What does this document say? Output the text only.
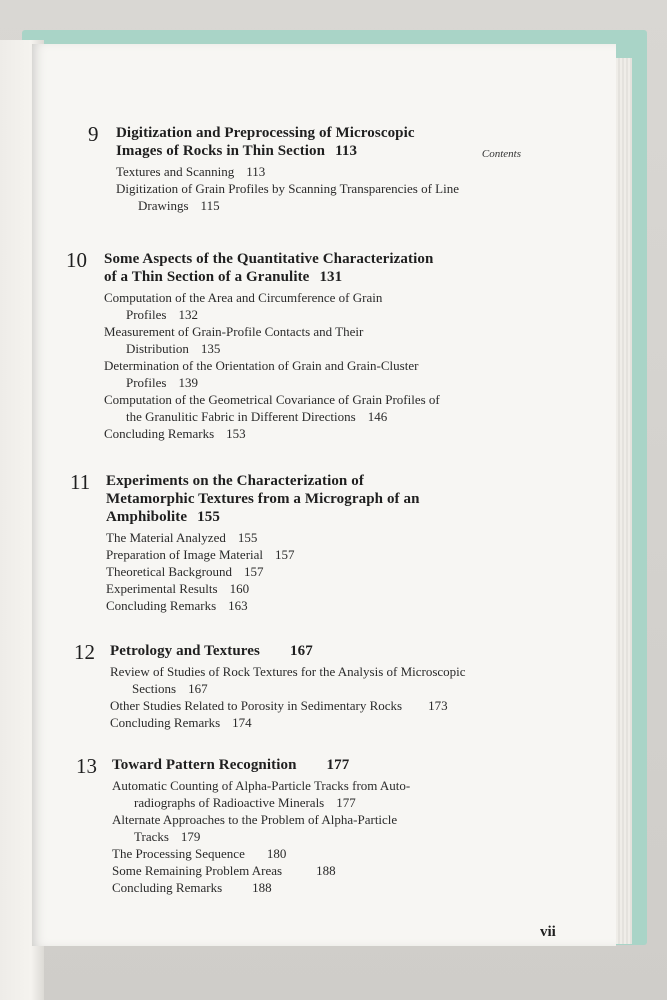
Contents
9 Digitization and Preprocessing of Microscopic
Images of Rocks in Thin Section 113
Textures and Scanning 113
Digitization of Grain Profiles by Scanning Transparencies of Line
Drawings 115
10 Some Aspects of the Quantitative Characterization
of a Thin Section of a Granulite 131
Computation of the Area and Circumference of Grain
Profiles 132
Measurement of Grain-Profile Contacts and Their
Distribution 135
Determination of the Orientation of Grain and Grain-Cluster
Profiles 139
Computation of the Geometrical Covariance of Grain Profiles of
the Granulitic Fabric in Different Directions 146
Concluding Remarks 153
11 Experiments on the Characterization of
Metamorphic Textures from a Micrograph of an
Amphibolite 155
The Material Analyzed 155
Preparation of Image Material 157
Theoretical Background 157
Experimental Results 160
Concluding Remarks 163
12 Petrology and Textures 167
Review of Studies of Rock Textures for the Analysis of Microscopic
Sections 167
Other Studies Related to Porosity in Sedimentary Rocks 173
Concluding Remarks 174
13 Toward Pattern Recognition 177
Automatic Counting of Alpha-Particle Tracks from Auto-
radiographs of Radioactive Minerals 177
Alternate Approaches to the Problem of Alpha-Particle
Tracks 179
The Processing Sequence 180
Some Remaining Problem Areas	188
Concluding Remarks 188
vii
